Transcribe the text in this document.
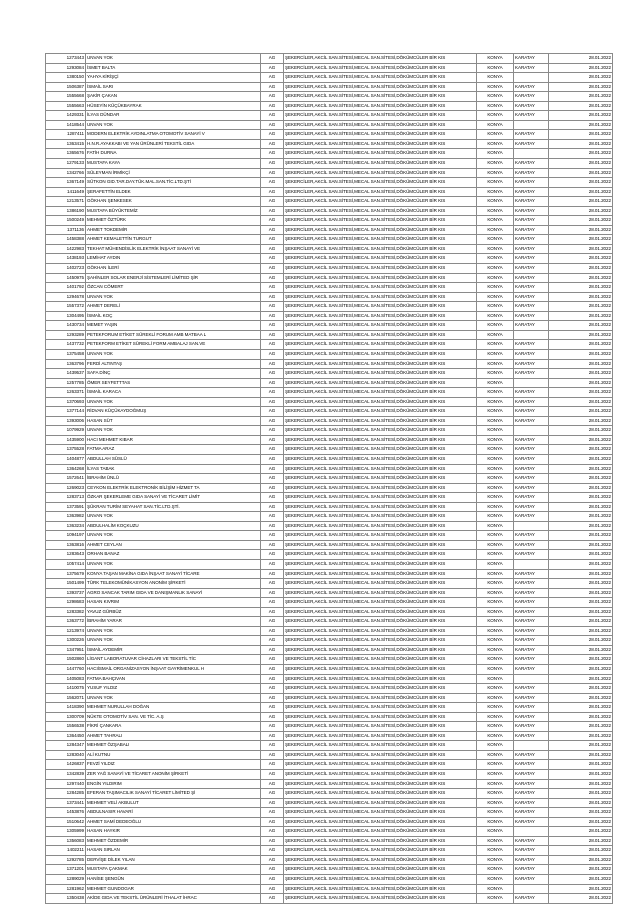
1273443	UNVAN YOK	AG	ŞEKERCİLER,AKCİL SAN.SİTESİ,MECAL SAN.SİTESİ,DÖKÜMCÜLER BİR KIS	KONYA	KARATAY	28.01.2022
1293084	İSMET BALTA	AG	ŞEKERCİLER,AKCİL SAN.SİTESİ,MECAL SAN.SİTESİ,DÖKÜMCÜLER BİR KIS	KONYA	KARATAY	28.01.2022
1380150	YAHYA KİRİŞÇİ	AG	ŞEKERCİLER,AKCİL SAN.SİTESİ,MECAL SAN.SİTESİ,DÖKÜMCÜLER BİR KIS	KONYA		28.01.2022
1506387	İSMAİL SARI	AG	ŞEKERCİLER,AKCİL SAN.SİTESİ,MECAL SAN.SİTESİ,DÖKÜMCÜLER BİR KIS	KONYA	KARATAY	28.01.2022
1555668	ŞAKİR ÇAKAN	AG	ŞEKERCİLER,AKCİL SAN.SİTESİ,MECAL SAN.SİTESİ,DÖKÜMCÜLER BİR KIS	KONYA	KARATAY	28.01.2022
1555663	HÜSEYİN KÜÇÜKBAYRAK	AG	ŞEKERCİLER,AKCİL SAN.SİTESİ,MECAL SAN.SİTESİ,DÖKÜMCÜLER BİR KIS	KONYA	KARATAY	28.01.2022
1429331	İLYAS DÜNDAR	AG	ŞEKERCİLER,AKCİL SAN.SİTESİ,MECAL SAN.SİTESİ,DÖKÜMCÜLER BİR KIS	KONYA	KARATAY	28.01.2022
1418544	UNVAN YOK	AG	ŞEKERCİLER,AKCİL SAN.SİTESİ,MECAL SAN.SİTESİ,DÖKÜMCÜLER BİR KIS	KONYA		28.01.2022
1287411	MODERN ELEKTRİK AYDINLATMA OTOMOTİV SANAYİ V	AG	ŞEKERCİLER,AKCİL SAN.SİTESİ,MECAL SAN.SİTESİ,DÖKÜMCÜLER BİR KIS	KONYA	KARATAY	28.01.2022
1363415	H.N.R.AYAKKABI VE YAN ÜRÜNLERİ TEKSTİL GIDA	AG	ŞEKERCİLER,AKCİL SAN.SİTESİ,MECAL SAN.SİTESİ,DÖKÜMCÜLER BİR KIS	KONYA	KARATAY	28.01.2022
1365676	FATİH DURNA	AG	ŞEKERCİLER,AKCİL SAN.SİTESİ,MECAL SAN.SİTESİ,DÖKÜMCÜLER BİR KIS	KONYA		28.01.2022
1279133	MUSTAFA KAYA	AG	ŞEKERCİLER,AKCİL SAN.SİTESİ,MECAL SAN.SİTESİ,DÖKÜMCÜLER BİR KIS	KONYA	KARATAY	28.01.2022
1342766	SÜLEYMAN İRMİKÇİ	AG	ŞEKERCİLER,AKCİL SAN.SİTESİ,MECAL SAN.SİTESİ,DÖKÜMCÜLER BİR KIS	KONYA	KARATAY	28.01.2022
1367149	SÜTKON GID.TAR.DAY.TÜK.MAL.SAN.TİC.LTD.ŞTİ	AG	ŞEKERCİLER,AKCİL SAN.SİTESİ,MECAL SAN.SİTESİ,DÖKÜMCÜLER BİR KIS	KONYA	KARATAY	28.01.2022
1411649	ŞERAFETTİN ELDEK	AG	ŞEKERCİLER,AKCİL SAN.SİTESİ,MECAL SAN.SİTESİ,DÖKÜMCÜLER BİR KIS	KONYA	KARATAY	28.01.2022
1213571	GÖKHAN ŞENKESEK	AG	ŞEKERCİLER,AKCİL SAN.SİTESİ,MECAL SAN.SİTESİ,DÖKÜMCÜLER BİR KIS	KONYA	KARATAY	28.01.2022
1386190	MUSTAFA BÜYÜKTEMİZ	AG	ŞEKERCİLER,AKCİL SAN.SİTESİ,MECAL SAN.SİTESİ,DÖKÜMCÜLER BİR KIS	KONYA	KARATAY	28.01.2022
1500249	MEHMET ÖZTÜRK	AG	ŞEKERCİLER,AKCİL SAN.SİTESİ,MECAL SAN.SİTESİ,DÖKÜMCÜLER BİR KIS	KONYA	KARATAY	28.01.2022
1371136	AHMET TOKDEMİR	AG	ŞEKERCİLER,AKCİL SAN.SİTESİ,MECAL SAN.SİTESİ,DÖKÜMCÜLER BİR KIS	KONYA	KARATAY	28.01.2022
1458388	AHMET KEMALETTİN TURGUT	AG	ŞEKERCİLER,AKCİL SAN.SİTESİ,MECAL SAN.SİTESİ,DÖKÜMCÜLER BİR KIS	KONYA	KARATAY	28.01.2022
1422983	TEKHAT MÜHENDİSLİK ELEKTRİK İNŞAAT SANAYİ VE	AG	ŞEKERCİLER,AKCİL SAN.SİTESİ,MECAL SAN.SİTESİ,DÖKÜMCÜLER BİR KIS	KONYA	KARATAY	28.01.2022
1438193	LEMİHAT AYDIN	AG	ŞEKERCİLER,AKCİL SAN.SİTESİ,MECAL SAN.SİTESİ,DÖKÜMCÜLER BİR KIS	KONYA	KARATAY	28.01.2022
1402723	GÖKHAN İLERİ	AG	ŞEKERCİLER,AKCİL SAN.SİTESİ,MECAL SAN.SİTESİ,DÖKÜMCÜLER BİR KIS	KONYA	KARATAY	28.01.2022
1450975	ŞAHİNLER SOLAR ENERJİ SİSTEMLERİ LİMİTED ŞİR	AG	ŞEKERCİLER,AKCİL SAN.SİTESİ,MECAL SAN.SİTESİ,DÖKÜMCÜLER BİR KIS	KONYA	KARATAY	28.01.2022
1401792	ÖZCAN CÖMERT	AG	ŞEKERCİLER,AKCİL SAN.SİTESİ,MECAL SAN.SİTESİ,DÖKÜMCÜLER BİR KIS	KONYA	KARATAY	28.01.2022
1294678	UNVAN YOK	AG	ŞEKERCİLER,AKCİL SAN.SİTESİ,MECAL SAN.SİTESİ,DÖKÜMCÜLER BİR KIS	KONYA	KARATAY	28.01.2022
1557372	AHMET DERELİ	AG	ŞEKERCİLER,AKCİL SAN.SİTESİ,MECAL SAN.SİTESİ,DÖKÜMCÜLER BİR KIS	KONYA	KARATAY	28.01.2022
1304495	İSMAİL KOÇ	AG	ŞEKERCİLER,AKCİL SAN.SİTESİ,MECAL SAN.SİTESİ,DÖKÜMCÜLER BİR KIS	KONYA	KARATAY	28.01.2022
1430734	MEMET YAŞIN	AG	ŞEKERCİLER,AKCİL SAN.SİTESİ,MECAL SAN.SİTESİ,DÖKÜMCÜLER BİR KIS	KONYA	KARATAY	28.01.2022
1293289	PETEKFORUM ETİKET SÜREKLİ FORUM AMB MATBAA L	AG	ŞEKERCİLER,AKCİL SAN.SİTESİ,MECAL SAN.SİTESİ,DÖKÜMCÜLER BİR KIS	KONYA		28.01.2022
1437732	PETEKFORM ETİKET SÜREKLİ FORM AMBALAJ SAN.VE	AG	ŞEKERCİLER,AKCİL SAN.SİTESİ,MECAL SAN.SİTESİ,DÖKÜMCÜLER BİR KIS	KONYA	KARATAY	28.01.2022
1375458	UNVAN YOK	AG	ŞEKERCİLER,AKCİL SAN.SİTESİ,MECAL SAN.SİTESİ,DÖKÜMCÜLER BİR KIS	KONYA	KARATAY	28.01.2022
1363796	FERDİ ALTINTAŞ	AG	ŞEKERCİLER,AKCİL SAN.SİTESİ,MECAL SAN.SİTESİ,DÖKÜMCÜLER BİR KIS	KONYA	KARATAY	28.01.2022
1439537	SAFA DİNÇ	AG	ŞEKERCİLER,AKCİL SAN.SİTESİ,MECAL SAN.SİTESİ,DÖKÜMCÜLER BİR KIS	KONYA	KARATAY	28.01.2022
1257785	ÖMER SEYFETTTAS	AG	ŞEKERCİLER,AKCİL SAN.SİTESİ,MECAL SAN.SİTESİ,DÖKÜMCÜLER BİR KIS	KONYA		28.01.2022
1263371	İSMAİL KARACA	AG	ŞEKERCİLER,AKCİL SAN.SİTESİ,MECAL SAN.SİTESİ,DÖKÜMCÜLER BİR KIS	KONYA	KARATAY	28.01.2022
1370693	UNVAN YOK	AG	ŞEKERCİLER,AKCİL SAN.SİTESİ,MECAL SAN.SİTESİ,DÖKÜMCÜLER BİR KIS	KONYA	KARATAY	28.01.2022
1377144	RİDVAN KÜÇÜKAYDOĞMUŞ	AG	ŞEKERCİLER,AKCİL SAN.SİTESİ,MECAL SAN.SİTESİ,DÖKÜMCÜLER BİR KIS	KONYA	KARATAY	28.01.2022
1393006	HASAN SÜT	AG	ŞEKERCİLER,AKCİL SAN.SİTESİ,MECAL SAN.SİTESİ,DÖKÜMCÜLER BİR KIS	KONYA	KARATAY	28.01.2022
1079929	UNVAN YOK	AG	ŞEKERCİLER,AKCİL SAN.SİTESİ,MECAL SAN.SİTESİ,DÖKÜMCÜLER BİR KIS	KONYA		28.01.2022
1435900	HACI MEHMET KIBAR	AG	ŞEKERCİLER,AKCİL SAN.SİTESİ,MECAL SAN.SİTESİ,DÖKÜMCÜLER BİR KIS	KONYA	KARATAY	28.01.2022
1375528	FATMA ARAZ	AG	ŞEKERCİLER,AKCİL SAN.SİTESİ,MECAL SAN.SİTESİ,DÖKÜMCÜLER BİR KIS	KONYA	KARATAY	28.01.2022
1404877	ABDULLAH SÜSLÜ	AG	ŞEKERCİLER,AKCİL SAN.SİTESİ,MECAL SAN.SİTESİ,DÖKÜMCÜLER BİR KIS	KONYA	KARATAY	28.01.2022
1364268	İLYAS TABAK	AG	ŞEKERCİLER,AKCİL SAN.SİTESİ,MECAL SAN.SİTESİ,DÖKÜMCÜLER BİR KIS	KONYA	KARATAY	28.01.2022
1572641	İBRAHİM ÜNLÜ	AG	ŞEKERCİLER,AKCİL SAN.SİTESİ,MECAL SAN.SİTESİ,DÖKÜMCÜLER BİR KIS	KONYA	KARATAY	28.01.2022
1269023	CEYKON ELEKTRİK ELEKTRONİK BİLİŞİM HİZMET TA	AG	ŞEKERCİLER,AKCİL SAN.SİTESİ,MECAL SAN.SİTESİ,DÖKÜMCÜLER BİR KIS	KONYA	KARATAY	28.01.2022
1283713	ÖZKAR ŞEKERLEME GIDA SANAYİ VE TİCARET LİMİT	AG	ŞEKERCİLER,AKCİL SAN.SİTESİ,MECAL SAN.SİTESİ,DÖKÜMCÜLER BİR KIS	KONYA	KARATAY	28.01.2022
1373591	ŞÜKRAN TURİM SEYAHAT SAN.TİC.LTD.ŞTİ.	AG	ŞEKERCİLER,AKCİL SAN.SİTESİ,MECAL SAN.SİTESİ,DÖKÜMCÜLER BİR KIS	KONYA	KARATAY	28.01.2022
1363982	UNVAN YOK	AG	ŞEKERCİLER,AKCİL SAN.SİTESİ,MECAL SAN.SİTESİ,DÖKÜMCÜLER BİR KIS	KONYA	KARATAY	28.01.2022
1363234	ABDULHALİM KOÇKUZU	AG	ŞEKERCİLER,AKCİL SAN.SİTESİ,MECAL SAN.SİTESİ,DÖKÜMCÜLER BİR KIS	KONYA		28.01.2022
1094197	UNVAN YOK	AG	ŞEKERCİLER,AKCİL SAN.SİTESİ,MECAL SAN.SİTESİ,DÖKÜMCÜLER BİR KIS	KONYA	KARATAY	28.01.2022
1363816	AHMET CEYLAN	AG	ŞEKERCİLER,AKCİL SAN.SİTESİ,MECAL SAN.SİTESİ,DÖKÜMCÜLER BİR KIS	KONYA	KARATAY	28.01.2022
1283643	ORHAN BANAZ	AG	ŞEKERCİLER,AKCİL SAN.SİTESİ,MECAL SAN.SİTESİ,DÖKÜMCÜLER BİR KIS	KONYA	KARATAY	28.01.2022
1057414	UNVAN YOK	AG	ŞEKERCİLER,AKCİL SAN.SİTESİ,MECAL SAN.SİTESİ,DÖKÜMCÜLER BİR KIS	KONYA		28.01.2022
1375679	KONYA TAŞAN MAKİNA GIDA İNŞAAT SANAYİ TİCARE	AG	ŞEKERCİLER,AKCİL SAN.SİTESİ,MECAL SAN.SİTESİ,DÖKÜMCÜLER BİR KIS	KONYA	KARATAY	28.01.2022
1501499	TÜRK TELEKOMÜNİKASYON ANONİM ŞİRKETİ	AG	ŞEKERCİLER,AKCİL SAN.SİTESİ,MECAL SAN.SİTESİ,DÖKÜMCÜLER BİR KIS	KONYA	KARATAY	28.01.2022
1393737	AGRO SANCAK TARIM GIDA VE DANIŞMANLIK SANAYİ	AG	ŞEKERCİLER,AKCİL SAN.SİTESİ,MECAL SAN.SİTESİ,DÖKÜMCÜLER BİR KIS	KONYA	KARATAY	28.01.2022
1298683	HASAN KIVRIM	AG	ŞEKERCİLER,AKCİL SAN.SİTESİ,MECAL SAN.SİTESİ,DÖKÜMCÜLER BİR KIS	KONYA	KARATAY	28.01.2022
1283382	YAVUZ GÜRBÜZ	AG	ŞEKERCİLER,AKCİL SAN.SİTESİ,MECAL SAN.SİTESİ,DÖKÜMCÜLER BİR KIS	KONYA	KARATAY	28.01.2022
1363772	İBRAHİM YARAR	AG	ŞEKERCİLER,AKCİL SAN.SİTESİ,MECAL SAN.SİTESİ,DÖKÜMCÜLER BİR KIS	KONYA	KARATAY	28.01.2022
1213974	UNVAN YOK	AG	ŞEKERCİLER,AKCİL SAN.SİTESİ,MECAL SAN.SİTESİ,DÖKÜMCÜLER BİR KIS	KONYA	KARATAY	28.01.2022
1300226	UNVAN YOK	AG	ŞEKERCİLER,AKCİL SAN.SİTESİ,MECAL SAN.SİTESİ,DÖKÜMCÜLER BİR KIS	KONYA	KARATAY	28.01.2022
1347951	İSMAİL AYDEMİR	AG	ŞEKERCİLER,AKCİL SAN.SİTESİ,MECAL SAN.SİTESİ,DÖKÜMCÜLER BİR KIS	KONYA	KARATAY	28.01.2022
1502860	LİGANT LABORATUVAR CİHAZLARI VE TEKSTİL TİC	AG	ŞEKERCİLER,AKCİL SAN.SİTESİ,MECAL SAN.SİTESİ,DÖKÜMCÜLER BİR KIS	KONYA	KARATAY	28.01.2022
1447760	HACIİSMAİL ORGANİZASYON İNŞAAT GAYRİMENKUL H	AG	ŞEKERCİLER,AKCİL SAN.SİTESİ,MECAL SAN.SİTESİ,DÖKÜMCÜLER BİR KIS	KONYA	KARATAY	28.01.2022
1405083	FATMA BAHÇIVAN	AG	ŞEKERCİLER,AKCİL SAN.SİTESİ,MECAL SAN.SİTESİ,DÖKÜMCÜLER BİR KIS	KONYA		28.01.2022
1410075	YUSUF YILDIZ	AG	ŞEKERCİLER,AKCİL SAN.SİTESİ,MECAL SAN.SİTESİ,DÖKÜMCÜLER BİR KIS	KONYA	KARATAY	28.01.2022
1562071	UNVAN YOK	AG	ŞEKERCİLER,AKCİL SAN.SİTESİ,MECAL SAN.SİTESİ,DÖKÜMCÜLER BİR KIS	KONYA	KARATAY	28.01.2022
1418390	MEHMET NURULLAH DOĞAN	AG	ŞEKERCİLER,AKCİL SAN.SİTESİ,MECAL SAN.SİTESİ,DÖKÜMCÜLER BİR KIS	KONYA	KARATAY	28.01.2022
1300709	NÜKTE OTOMOTİV SAN. VE TİC. A.Ş	AG	ŞEKERCİLER,AKCİL SAN.SİTESİ,MECAL SAN.SİTESİ,DÖKÜMCÜLER BİR KIS	KONYA	KARATAY	28.01.2022
1556538	FİKRİ ÇANKARA	AG	ŞEKERCİLER,AKCİL SAN.SİTESİ,MECAL SAN.SİTESİ,DÖKÜMCÜLER BİR KIS	KONYA	KARATAY	28.01.2022
1364450	AHMET TAHRALI	AG	ŞEKERCİLER,AKCİL SAN.SİTESİ,MECAL SAN.SİTESİ,DÖKÜMCÜLER BİR KIS	KONYA	KARATAY	28.01.2022
1284347	MEHMET ÖZŞABALI	AG	ŞEKERCİLER,AKCİL SAN.SİTESİ,MECAL SAN.SİTESİ,DÖKÜMCÜLER BİR KIS	KONYA		28.01.2022
1283040	ALİ KUTNU	AG	ŞEKERCİLER,AKCİL SAN.SİTESİ,MECAL SAN.SİTESİ,DÖKÜMCÜLER BİR KIS	KONYA	KARATAY	28.01.2022
1426837	FEVZİ YILDIZ	AG	ŞEKERCİLER,AKCİL SAN.SİTESİ,MECAL SAN.SİTESİ,DÖKÜMCÜLER BİR KIS	KONYA	KARATAY	28.01.2022
1342839	ZER YAĞ SANAYİ VE TİCARET ANONİM ŞİRKETİ	AG	ŞEKERCİLER,AKCİL SAN.SİTESİ,MECAL SAN.SİTESİ,DÖKÜMCÜLER BİR KIS	KONYA	KARATAY	28.01.2022
1297440	ENGİN YILDIRIM	AG	ŞEKERCİLER,AKCİL SAN.SİTESİ,MECAL SAN.SİTESİ,DÖKÜMCÜLER BİR KIS	KONYA	KARATAY	28.01.2022
1284285	EFERAN TAŞIMACILIK SANAYİ TİCARET LİMİTED Şİ	AG	ŞEKERCİLER,AKCİL SAN.SİTESİ,MECAL SAN.SİTESİ,DÖKÜMCÜLER BİR KIS	KONYA	KARATAY	28.01.2022
1373441	MEHMET VELİ AKBULUT	AG	ŞEKERCİLER,AKCİL SAN.SİTESİ,MECAL SAN.SİTESİ,DÖKÜMCÜLER BİR KIS	KONYA	KARATAY	28.01.2022
1453876	ABDULNASIR HAVARİ	AG	ŞEKERCİLER,AKCİL SAN.SİTESİ,MECAL SAN.SİTESİ,DÖKÜMCÜLER BİR KIS	KONYA	KARATAY	28.01.2022
1510642	AHMET SAMİ DEDEOĞLU	AG	ŞEKERCİLER,AKCİL SAN.SİTESİ,MECAL SAN.SİTESİ,DÖKÜMCÜLER BİR KIS	KONYA	KARATAY	28.01.2022
1305999	HASAN HAYKIR	AG	ŞEKERCİLER,AKCİL SAN.SİTESİ,MECAL SAN.SİTESİ,DÖKÜMCÜLER BİR KIS	KONYA		28.01.2022
1356083	MEHMET ÖZDEMİR	AG	ŞEKERCİLER,AKCİL SAN.SİTESİ,MECAL SAN.SİTESİ,DÖKÜMCÜLER BİR KIS	KONYA	KARATAY	28.01.2022
1402211	HASAN SIRLAN	AG	ŞEKERCİLER,AKCİL SAN.SİTESİ,MECAL SAN.SİTESİ,DÖKÜMCÜLER BİR KIS	KONYA	KARATAY	28.01.2022
1292785	DERVİŞE DİLEK YILAN	AG	ŞEKERCİLER,AKCİL SAN.SİTESİ,MECAL SAN.SİTESİ,DÖKÜMCÜLER BİR KIS	KONYA	KARATAY	28.01.2022
1371201	MUSTAFA ÇAKMAK	AG	ŞEKERCİLER,AKCİL SAN.SİTESİ,MECAL SAN.SİTESİ,DÖKÜMCÜLER BİR KIS	KONYA	KARATAY	28.01.2022
1289029	HANİSE ŞENGÜN	AG	ŞEKERCİLER,AKCİL SAN.SİTESİ,MECAL SAN.SİTESİ,DÖKÜMCÜLER BİR KIS	KONYA	KARATAY	28.01.2022
1281962	MEHMET GUNDOGAR	AG	ŞEKERCİLER,AKCİL SAN.SİTESİ,MECAL SAN.SİTESİ,DÖKÜMCÜLER BİR KIS	KONYA		28.01.2022
1350438	AKİDE GIDA VE TEKSTİL ÜRÜNLERİ İTHALAT İHRAC	AG	ŞEKERCİLER,AKCİL SAN.SİTESİ,MECAL SAN.SİTESİ,DÖKÜMCÜLER BİR KIS	KONYA	KARATAY	28.01.2022
